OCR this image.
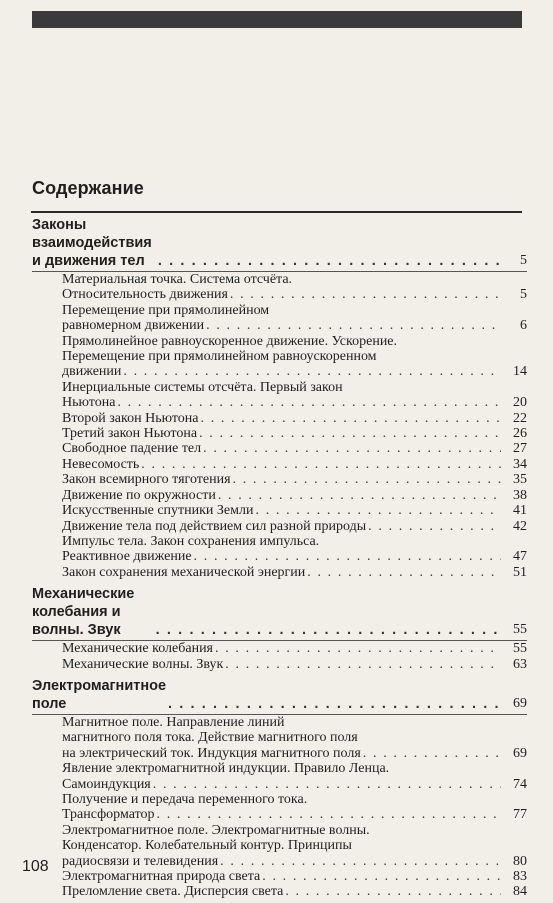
Содержание
Законы взаимодействия и движения тел . . .	5
Материальная точка. Система отсчёта.
Относительность движения . . .	5
Перемещение при прямолинейном
равномерном движении . . .	6
Прямолинейное равноускоренное движение. Ускорение.
Перемещение при прямолинейном равноускоренном
движении . . .	14
Инерциальные системы отсчёта. Первый закон
Ньютона . . .	20
Второй закон Ньютона . . .	22
Третий закон Ньютона . . .	26
Свободное падение тел . . .	27
Невесомость . . .	34
Закон всемирного тяготения . . .	35
Движение по окружности . . .	38
Искусственные спутники Земли . . .	41
Движение тела под действием сил разной природы . . .	42
Импульс тела. Закон сохранения импульса.
Реактивное движение . . .	47
Закон сохранения механической энергии . . .	51
Механические колебания и волны. Звук . . .	55
Механические колебания . . .	55
Механические волны. Звук . . .	63
Электромагнитное поле . . .	69
Магнитное поле. Направление линий
магнитного поля тока. Действие магнитного поля
на электрический ток. Индукция магнитного поля . . .	69
Явление электромагнитной индукции. Правило Ленца.
Самоиндукция . . .	74
Получение и передача переменного тока.
Трансформатор . . .	77
Электромагнитное поле. Электромагнитные волны.
Конденсатор. Колебательный контур. Принципы
радиосвязи и телевидения . . .	80
Электромагнитная природа света . . .	83
Преломление света. Дисперсия света . . .	84
108
